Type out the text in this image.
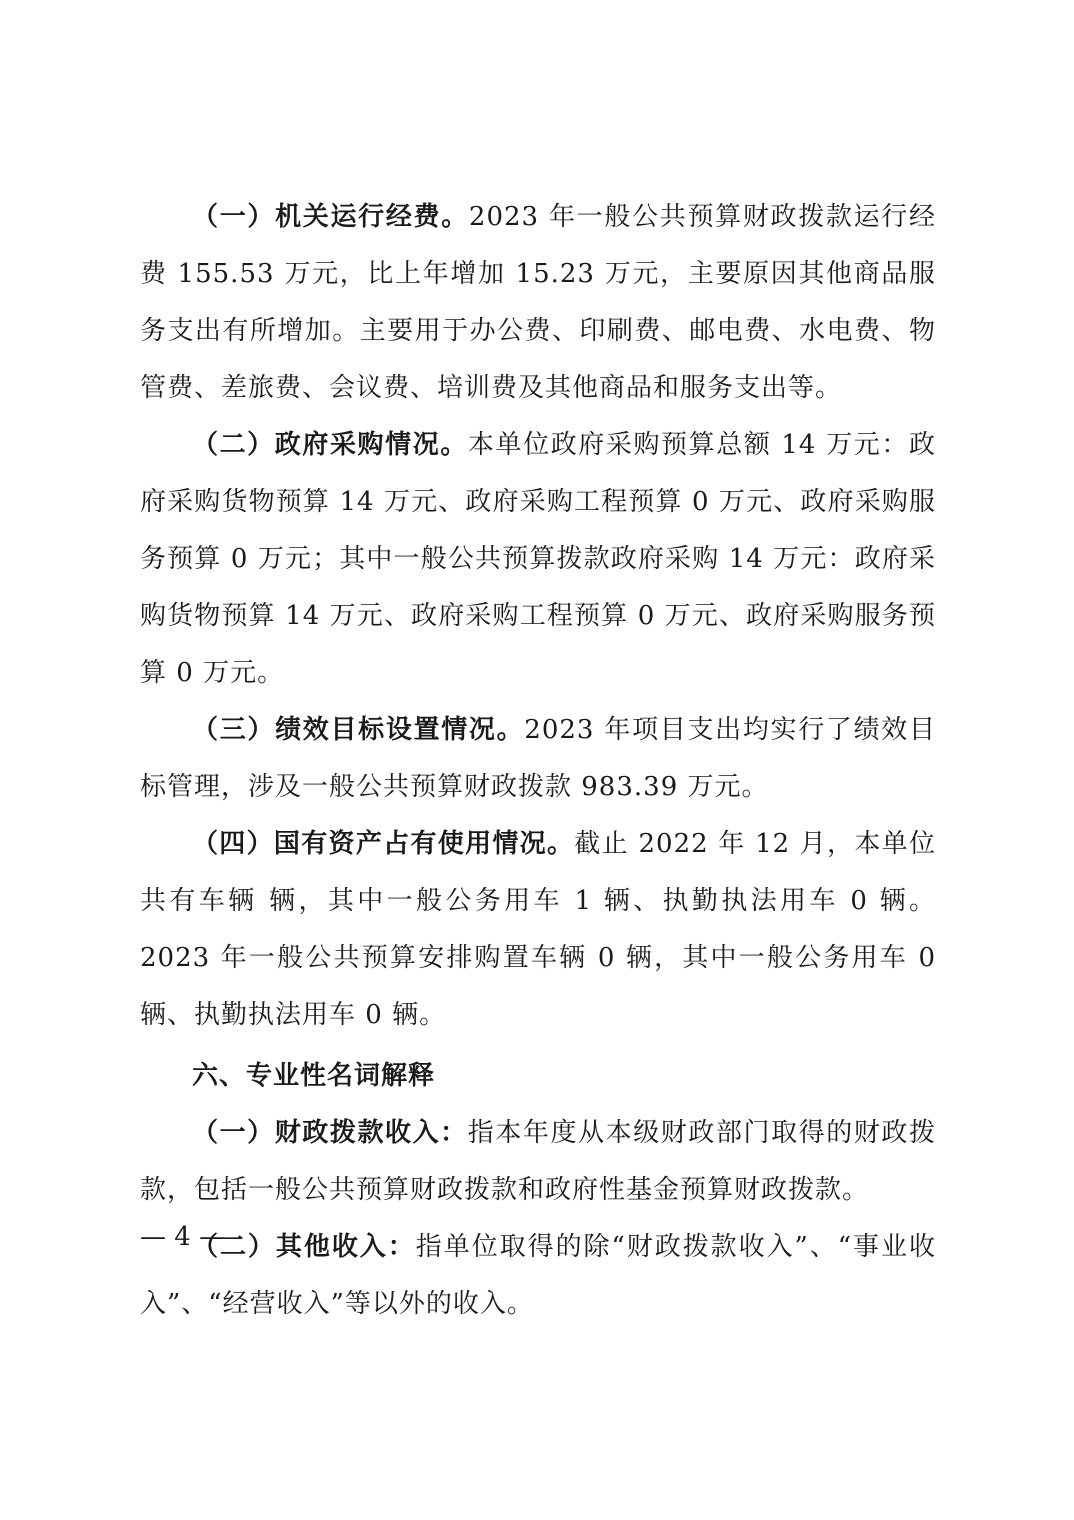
（一）机关运行经费。2023 年一般公共预算财政拨款运行经费 155.53 万元，比上年增加 15.23 万元，主要原因其他商品服务支出有所增加。主要用于办公费、印刷费、邮电费、水电费、物管费、差旅费、会议费、培训费及其他商品和服务支出等。

（二）政府采购情况。本单位政府采购预算总额 14 万元：政府采购货物预算 14 万元、政府采购工程预算 0 万元、政府采购服务预算 0 万元；其中一般公共预算拨款政府采购 14 万元：政府采购货物预算 14 万元、政府采购工程预算 0 万元、政府采购服务预算 0 万元。

（三）绩效目标设置情况。2023 年项目支出均实行了绩效目标管理，涉及一般公共预算财政拨款 983.39 万元。

（四）国有资产占有使用情况。截止 2022 年 12 月，本单位共有车辆 辆，其中一般公务用车 1 辆、执勤执法用车 0 辆。2023 年一般公共预算安排购置车辆 0 辆，其中一般公务用车 0 辆、执勤执法用车 0 辆。

六、专业性名词解释

（一）财政拨款收入：指本年度从本级财政部门取得的财政拨款，包括一般公共预算财政拨款和政府性基金预算财政拨款。

（二）其他收入：指单位取得的除“财政拨款收入”、“事业收入”、“经营收入”等以外的收入。

— 4 —
